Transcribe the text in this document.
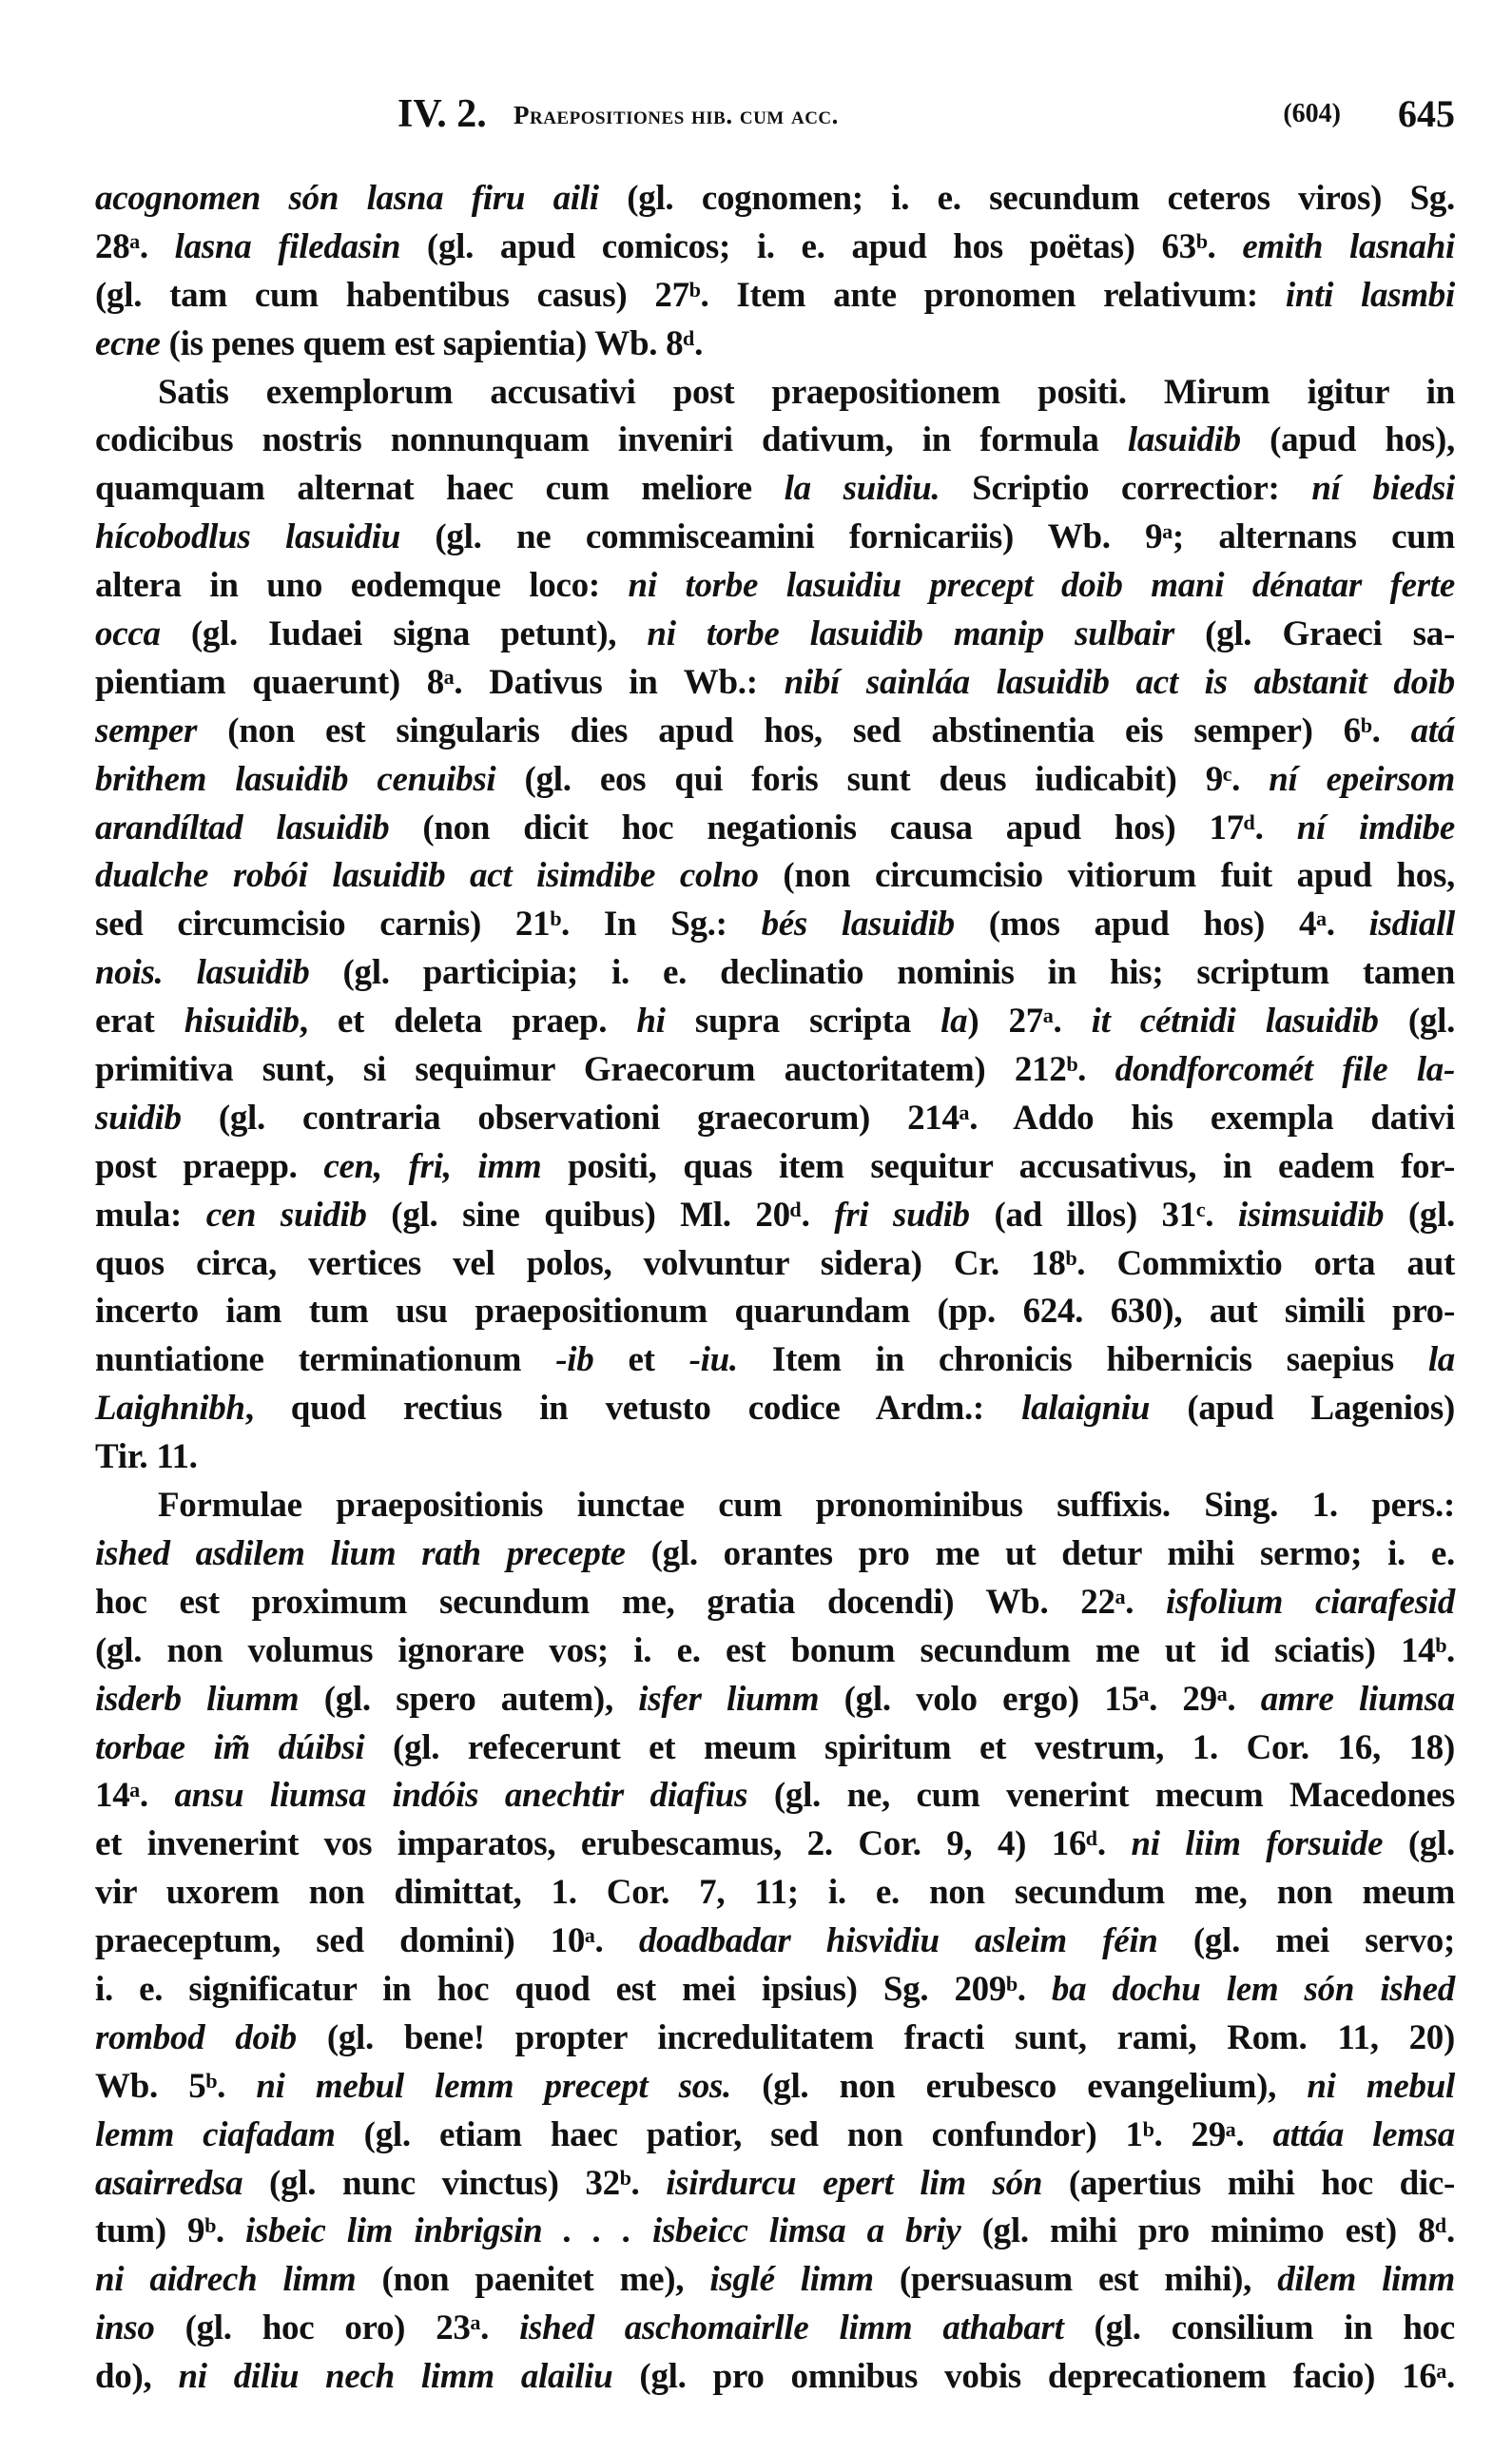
IV. 2. Praepositiones hib. cum acc.	(604) 645
acognomen són lasna firu aili (gl. cognomen; i. e. secundum ceteros viros) Sg.
28ᵃ. lasna filedasin (gl. apud comicos; i. e. apud hos poëtas) 63ᵇ. emith lasnahi
(gl. tam cum habentibus casus) 27ᵇ. Item ante pronomen relativum: inti lasmbi
ecne (is penes quem est sapientia) Wb. 8ᵈ.
Satis exemplorum accusativi post praepositionem positi. Mirum igitur in
codicibus nostris nonnunquam inveniri dativum, in formula lasuidib (apud hos),
quamquam alternat haec cum meliore la suidiu. Scriptio correctior: ní biedsi
hícobodlus lasuidiu (gl. ne commisceamini fornicariis) Wb. 9ᵃ; alternans cum
altera in uno eodemque loco: ni torbe lasuidiu precept doib mani dénatar ferte
occa (gl. Iudaei signa petunt), ni torbe lasuidib manip sulbair (gl. Graeci sa-
pientiam quaerunt) 8ᵃ. Dativus in Wb.: nibí sainláa lasuidib act is abstanit doib
semper (non est singularis dies apud hos, sed abstinentia eis semper) 6ᵇ. atá
brithem lasuidib cenuibsi (gl. eos qui foris sunt deus iudicabit) 9ᶜ. ní epeirsom
arandíltad lasuidib (non dicit hoc negationis causa apud hos) 17ᵈ. ní imdibe
dualche robói lasuidib act isimdibe colno (non circumcisio vitiorum fuit apud hos,
sed circumcisio carnis) 21ᵇ. In Sg.: bés lasuidib (mos apud hos) 4ᵃ. isdiall
nois. lasuidib (gl. participia; i. e. declinatio nominis in his; scriptum tamen
erat hisuidib, et deleta praep. hi supra scripta la) 27ᵃ. it cétnidi lasuidib (gl.
primitiva sunt, si sequimur Graecorum auctoritatem) 212ᵇ. dondforcomét file la-
suidib (gl. contraria observationi graecorum) 214ᵃ. Addo his exempla dativi
post praepp. cen, fri, imm positi, quas item sequitur accusativus, in eadem for-
mula: cen suidib (gl. sine quibus) Ml. 20ᵈ. fri sudib (ad illos) 31ᶜ. isimsuidib (gl.
quos circa, vertices vel polos, volvuntur sidera) Cr. 18ᵇ. Commixtio orta aut
incerto iam tum usu praepositionum quarundam (pp. 624. 630), aut simili pro-
nuntiatione terminationum -ib et -iu. Item in chronicis hibernicis saepius la
Laighnibh, quod rectius in vetusto codice Ardm.: lalaigniu (apud Lagenios)
Tir. 11.
Formulae praepositionis iunctae cum pronominibus suffixis. Sing. 1. pers.:
ished asdilem lium rath precepte (gl. orantes pro me ut detur mihi sermo; i. e.
hoc est proximum secundum me, gratia docendi) Wb. 22ᵃ. isfolium ciarafesid
(gl. non volumus ignorare vos; i. e. est bonum secundum me ut id sciatis) 14ᵇ.
isderb liumm (gl. spero autem), isfer liumm (gl. volo ergo) 15ᵃ. 29ᵃ. amre liumsa
torbae im̃ dúibsi (gl. refecerunt et meum spiritum et vestrum, 1. Cor. 16, 18)
14ᵃ. ansu liumsa indóis anechtir diafius (gl. ne, cum venerint mecum Macedones
et invenerint vos imparatos, erubescamus, 2. Cor. 9, 4) 16ᵈ. ni liim forsuide (gl.
vir uxorem non dimittat, 1. Cor. 7, 11; i. e. non secundum me, non meum
praeceptum, sed domini) 10ᵃ. doadbadar hisvidiu asleim féin (gl. mei servo;
i. e. significatur in hoc quod est mei ipsius) Sg. 209ᵇ. ba dochu lem són ished
rombod doib (gl. bene! propter incredulitatem fracti sunt, rami, Rom. 11, 20)
Wb. 5ᵇ. ni mebul lemm precept sos. (gl. non erubesco evangelium), ni mebul
lemm ciafadam (gl. etiam haec patior, sed non confundor) 1ᵇ. 29ᵃ. attáa lemsa
asairredsa (gl. nunc vinctus) 32ᵇ. isirdurcu epert lim són (apertius mihi hoc dic-
tum) 9ᵇ. isbeic lim inbrigsin . . . isbeicc limsa a briy (gl. mihi pro minimo est) 8ᵈ.
ni aidrech limm (non paenitet me), isglé limm (persuasum est mihi), dilem limm
inso (gl. hoc oro) 23ᵃ. ished aschomairlle limm athabart (gl. consilium in hoc
do), ni diliu nech limm alailiu (gl. pro omnibus vobis deprecationem facio) 16ᵃ.
